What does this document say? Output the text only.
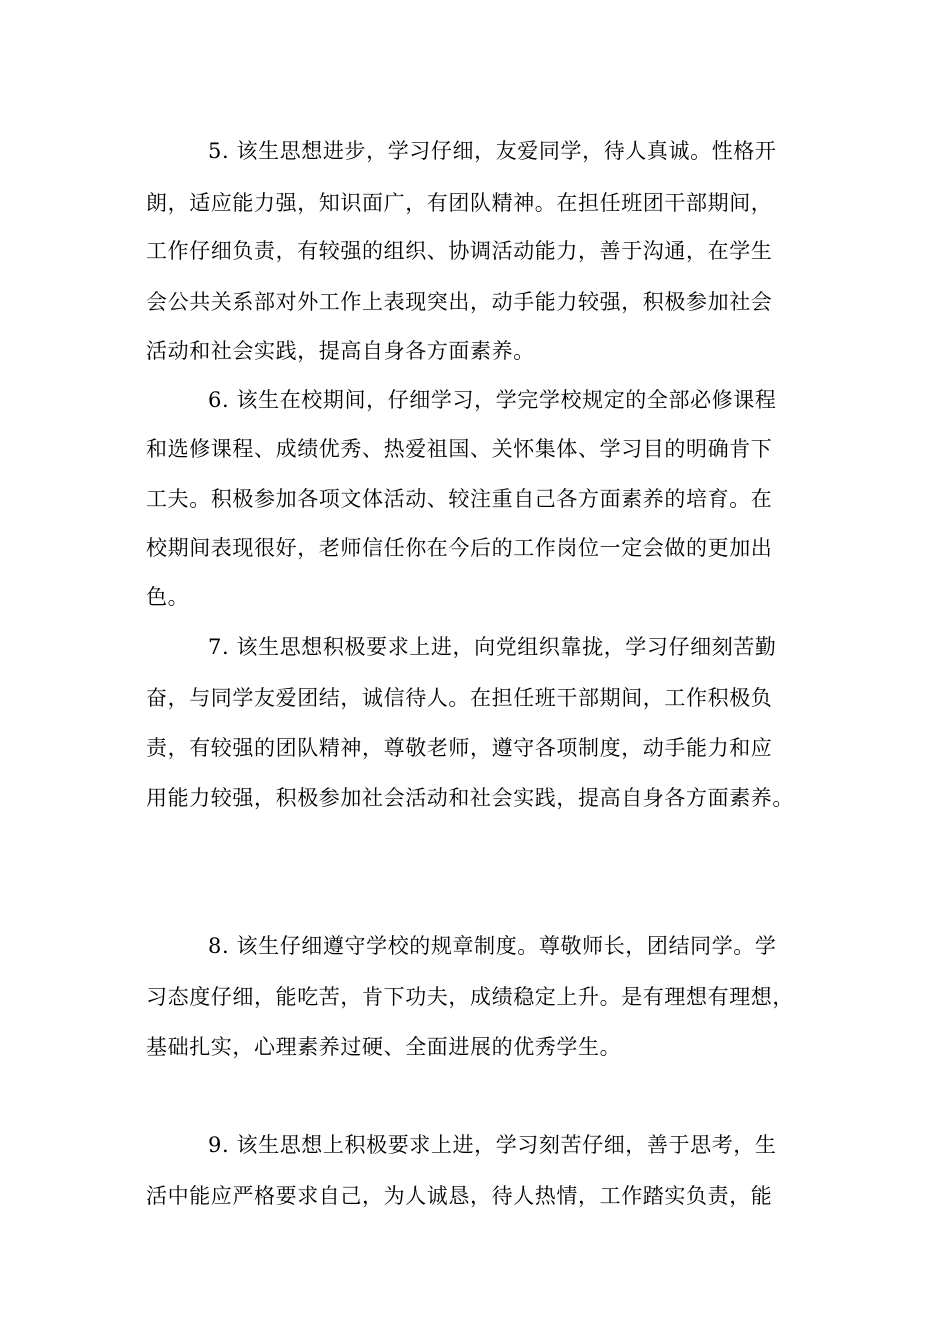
5. 该生思想进步，学习仔细，友爱同学，待人真诚。性格开
朗，适应能力强，知识面广，有团队精神。在担任班团干部期间，
工作仔细负责，有较强的组织、协调活动能力，善于沟通，在学生
会公共关系部对外工作上表现突出，动手能力较强，积极参加社会
活动和社会实践，提高自身各方面素养。
6. 该生在校期间，仔细学习，学完学校规定的全部必修课程
和选修课程、成绩优秀、热爱祖国、关怀集体、学习目的明确肯下
工夫。积极参加各项文体活动、较注重自己各方面素养的培育。在
校期间表现很好，老师信任你在今后的工作岗位一定会做的更加出
色。
7. 该生思想积极要求上进，向党组织靠拢，学习仔细刻苦勤
奋，与同学友爱团结，诚信待人。在担任班干部期间，工作积极负
责，有较强的团队精神，尊敬老师，遵守各项制度，动手能力和应
用能力较强，积极参加社会活动和社会实践，提高自身各方面素养。
8. 该生仔细遵守学校的规章制度。尊敬师长，团结同学。学
习态度仔细，能吃苦，肯下功夫，成绩稳定上升。是有理想有理想，
基础扎实，心理素养过硬、全面进展的优秀学生。
9. 该生思想上积极要求上进，学习刻苦仔细，善于思考，生
活中能应严格要求自己，为人诚恳，待人热情，工作踏实负责，能
